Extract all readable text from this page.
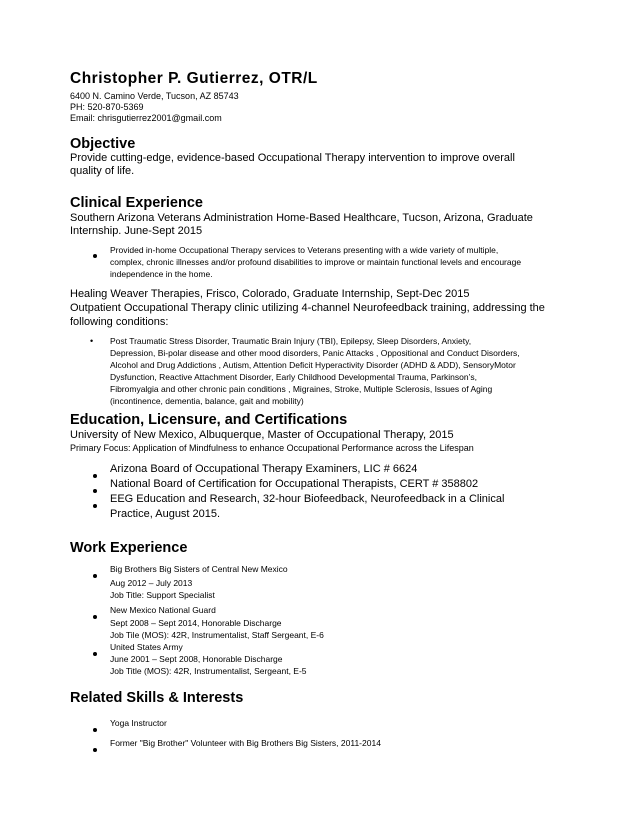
Christopher P. Gutierrez, OTR/L
6400 N. Camino Verde, Tucson, AZ 85743
PH: 520-870-5369
Email: chrisgutierrez2001@gmail.com
Objective
Provide cutting-edge, evidence-based Occupational Therapy intervention to improve overall
quality of life.
Clinical Experience
Southern Arizona Veterans Administration Home-Based Healthcare, Tucson, Arizona, Graduate
Internship. June-Sept 2015
Provided in-home Occupational Therapy services to Veterans presenting with a wide variety of multiple,
complex, chronic illnesses and/or profound disabilities to improve or maintain functional levels and encourage
independence in the home.
Healing Weaver Therapies, Frisco, Colorado, Graduate Internship, Sept-Dec 2015
Outpatient Occupational Therapy clinic utilizing 4-channel Neurofeedback training, addressing the
following conditions:
• Post Traumatic Stress Disorder, Traumatic Brain Injury (TBI), Epilepsy, Sleep Disorders, Anxiety,
Depression, Bi-polar disease and other mood disorders, Panic Attacks , Oppositional and Conduct Disorders,
Alcohol and Drug Addictions , Autism, Attention Deficit Hyperactivity Disorder (ADHD & ADD), SensoryMotor
Dysfunction, Reactive Attachment Disorder, Early Childhood Developmental Trauma, Parkinson’s,
Fibromyalgia and other chronic pain conditions , Migraines, Stroke, Multiple Sclerosis, Issues of Aging
(incontinence, dementia, balance, gait and mobility)
Education, Licensure, and Certifications
University of New Mexico, Albuquerque, Master of Occupational Therapy, 2015
Primary Focus: Application of Mindfulness to enhance Occupational Performance across the Lifespan
Arizona Board of Occupational Therapy Examiners, LIC # 6624
National Board of Certification for Occupational Therapists, CERT # 358802
EEG Education and Research, 32-hour Biofeedback, Neurofeedback in a Clinical
Practice, August 2015.
Work Experience
Big Brothers Big Sisters of Central New Mexico
Aug 2012 – July 2013
Job Title: Support Specialist
New Mexico National Guard
Sept 2008 – Sept 2014, Honorable Discharge
Job Tile (MOS): 42R, Instrumentalist, Staff Sergeant, E-6
United States Army
June 2001 – Sept 2008, Honorable Discharge
Job Title (MOS): 42R, Instrumentalist, Sergeant, E-5
Related Skills & Interests
Yoga Instructor
Former "Big Brother" Volunteer with Big Brothers Big Sisters, 2011-2014
